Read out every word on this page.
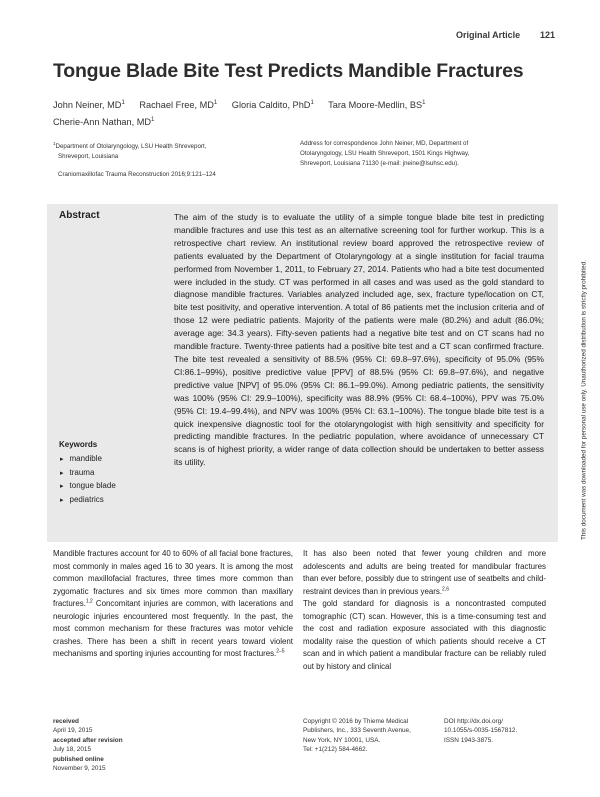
Original Article 121
Tongue Blade Bite Test Predicts Mandible Fractures
John Neiner, $MD^1$ Rachael Free, $MD^1$ Gloria Caldito, PhD$^1$ Tara Moore-Medlin, $BS^1$
Cherie-Ann Nathan, $MD^1$
$^1$Department of Otolaryngology, LSU Health Shreveport,
Shreveport, Louisiana
Craniomaxillofac Trauma Reconstruction 2016;9:121–124
Address for correspondence John Neiner, MD, Department of
Otolaryngology, LSU Health Shreveport, 1501 Kings Highway,
Shreveport, Louisiana 71130 (e-mail: jneine@lsuhsc.edu).
Abstract	The aim of the study is to evaluate the utility of a simple tongue blade bite test in predicting mandible fractures and use this test as an alternative screening tool for further workup. This is a retrospective chart review. An institutional review board approved the retrospective review of patients evaluated by the Department of Otolaryngology at a single institution for facial trauma performed from November 1, 2011, to February 27, 2014. Patients who had a bite test documented were included in the study. CT was performed in all cases and was used as the gold standard to diagnose mandible fractures. Variables analyzed included age, sex, fracture type/location on CT, bite test positivity, and operative intervention. A total of 86 patients met the inclusion criteria and of those 12 were pediatric patients. Majority of the patients were male (80.2%) and adult (86.0%; average age: 34.3 years). Fifty-seven patients had a negative bite test and on CT scans had no mandible fracture. Twenty-three patients had a positive bite test and a CT scan confirmed fracture. The bite test revealed a sensitivity of 88.5% (95% CI: 69.8–97.6%), specificity of 95.0% (95% CI:86.1–99%), positive predictive value [PPV] of 88.5% (95% CI: 69.8–97.6%), and negative predictive value [NPV] of 95.0% (95% CI: 86.1–99.0%). Among pediatric patients, the sensitivity was 100% (95% CI: 29.9–100%), specificity was 88.9% (95% CI: 68.4–100%), PPV was 75.0% (95% CI: 19.4–99.4%), and NPV was 100% (95% CI: 63.1–100%). The tongue blade bite test is a quick inexpensive diagnostic tool for the otolaryngologist with high sensitivity and specificity for predicting mandible fractures. In the pediatric population, where avoidance of unnecessary CT scans is of highest priority, a wider range of data collection should be undertaken to better assess its utility.
Keywords
▸ mandible
▸ trauma
▸ tongue blade
▸ pediatrics
Mandible fractures account for 40 to 60% of all facial bone fractures, most commonly in males aged 16 to 30 years. It is among the most common maxillofacial fractures, three times more common than zygomatic fractures and six times more common than maxillary fractures.$^{1,2}$ Concomitant injuries are common, with lacerations and neurologic injuries encountered most frequently. In the past, the most common mechanism for these fractures was motor vehicle crashes. There has been a shift in recent years toward violent mechanisms and sporting injuries accounting for most fractures.$^{2-5}$
It has also been noted that fewer young children and more adolescents and adults are being treated for mandibular fractures than ever before, possibly due to stringent use of seatbelts and child-restraint devices than in previous years.$^{2,6}$
The gold standard for diagnosis is a noncontrasted computed tomographic (CT) scan. However, this is a time-consuming test and the cost and radiation exposure associated with this diagnostic modality raise the question of which patients should receive a CT scan and in which patient a mandibular fracture can be reliably ruled out by history and clinical
received
April 19, 2015
accepted after revision
July 18, 2015
published online
November 9, 2015
Copyright © 2016 by Thieme Medical
Publishers, Inc., 333 Seventh Avenue,
New York, NY 10001, USA.
Tel: +1(212) 584-4662.
DOI http://dx.doi.org/
10.1055/s-0035-1567812.
ISSN 1943-3875.
This document was downloaded for personal use only. Unauthorized distribution is strictly prohibited.
